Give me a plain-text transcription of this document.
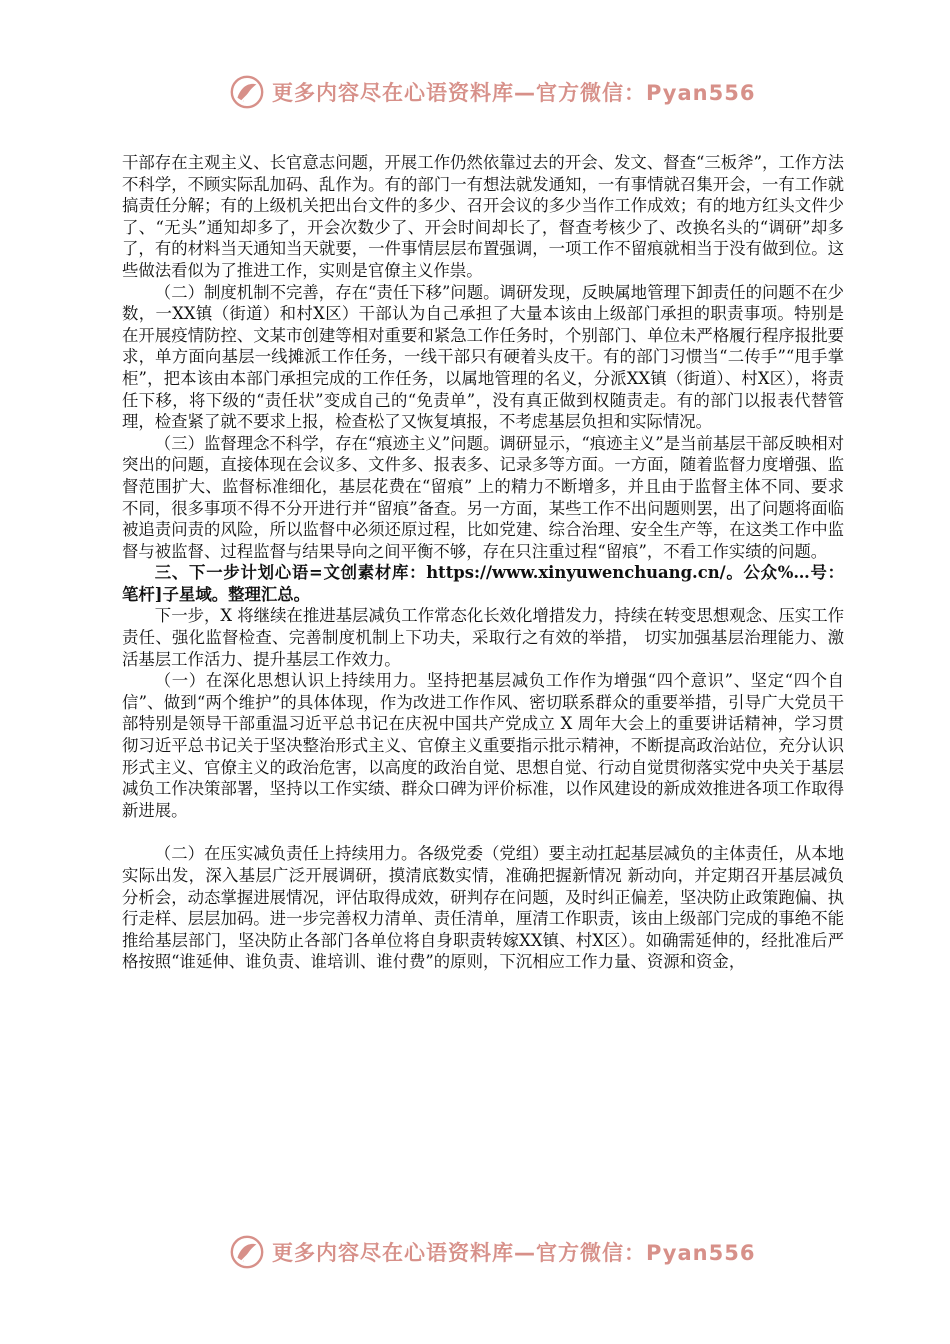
更多内容尽在心语资料库—官方微信：Pyan556

干部存在主观主义、长官意志问题，开展工作仍然依靠过去的开会、发文、督查“三板斧”，工作方法不科学，不顾实际乱加码、乱作为。有的部门一有想法就发通知，一有事情就召集开会，一有工作就搞责任分解；有的上级机关把出台文件的多少、召开会议的多少当作工作成效；有的地方红头文件少了、“无头”通知却多了，开会次数少了、开会时间却长了，督查考核少了、改换名头的“调研”却多了，有的材料当天通知当天就要，一件事情层层布置强调，一项工作不留痕就相当于没有做到位。这些做法看似为了推进工作，实则是官僚主义作祟。

（二）制度机制不完善，存在“责任下移”问题。调研发现，反映属地管理下卸责任的问题不在少数，一XX镇（街道）和村X区）干部认为自己承担了大量本该由上级部门承担的职责事项。特别是在开展疫情防控、文某市创建等相对重要和紧急工作任务时，个别部门、单位未严格履行程序报批要求，单方面向基层一线摊派工作任务，一线干部只有硬着头皮干。有的部门习惯当“二传手”“甩手掌柜”，把本该由本部门承担完成的工作任务，以属地管理的名义，分派XX镇（街道）、村X区），将责任下移，将下级的“责任状”变成自己的“免责单”，没有真正做到权随责走。有的部门以报表代替管理，检查紧了就不要求上报，检查松了又恢复填报，不考虑基层负担和实际情况。

（三）监督理念不科学，存在“痕迹主义”问题。调研显示，“痕迹主义”是当前基层干部反映相对突出的问题，直接体现在会议多、文件多、报表多、记录多等方面。一方面，随着监督力度增强、监督范围扩大、监督标准细化，基层花费在“留痕” 上的精力不断增多，并且由于监督主体不同、要求不同，很多事项不得不分开进行并“留痕”备查。另一方面，某些工作不出问题则罢，出了问题将面临被追责问责的风险，所以监督中必须还原过程，比如党建、综合治理、安全生产等，在这类工作中监督与被监督、过程监督与结果导向之间平衡不够，存在只注重过程“留痕”，不看工作实绩的问题。

三、下一步计划心语=文创素材库：https://www.xinyuwenchuang.cn/。公众%…号：笔杆]子星域。整理汇总。

下一步，X 将继续在推进基层减负工作常态化长效化增措发力，持续在转变思想观念、压实工作责任、强化监督检查、完善制度机制上下功夫，采取行之有效的举措， 切实加强基层治理能力、激活基层工作活力、提升基层工作效力。

（一）在深化思想认识上持续用力。坚持把基层减负工作作为增强“四个意识”、坚定“四个自信”、做到“两个维护”的具体体现，作为改进工作作风、密切联系群众的重要举措，引导广大党员干部特别是领导干部重温习近平总书记在庆祝中国共产党成立 X 周年大会上的重要讲话精神，学习贯彻习近平总书记关于坚决整治形式主义、官僚主义重要指示批示精神，不断提高政治站位，充分认识形式主义、官僚主义的政治危害，以高度的政治自觉、思想自觉、行动自觉贯彻落实党中央关于基层减负工作决策部署，坚持以工作实绩、群众口碑为评价标准，以作风建设的新成效推进各项工作取得新进展。

（二）在压实减负责任上持续用力。各级党委（党组）要主动扛起基层减负的主体责任，从本地实际出发，深入基层广泛开展调研，摸清底数实情，准确把握新情况 新动向，并定期召开基层减负分析会，动态掌握进展情况，评估取得成效，研判存在问题，及时纠正偏差，坚决防止政策跑偏、执行走样、层层加码。进一步完善权力清单、责任清单，厘清工作职责，该由上级部门完成的事绝不能推给基层部门，坚决防止各部门各单位将自身职责转嫁XX镇、村X区）。如确需延伸的，经批准后严格按照“谁延伸、谁负责、谁培训、谁付费”的原则，下沉相应工作力量、资源和资金，

更多内容尽在心语资料库—官方微信：Pyan556
